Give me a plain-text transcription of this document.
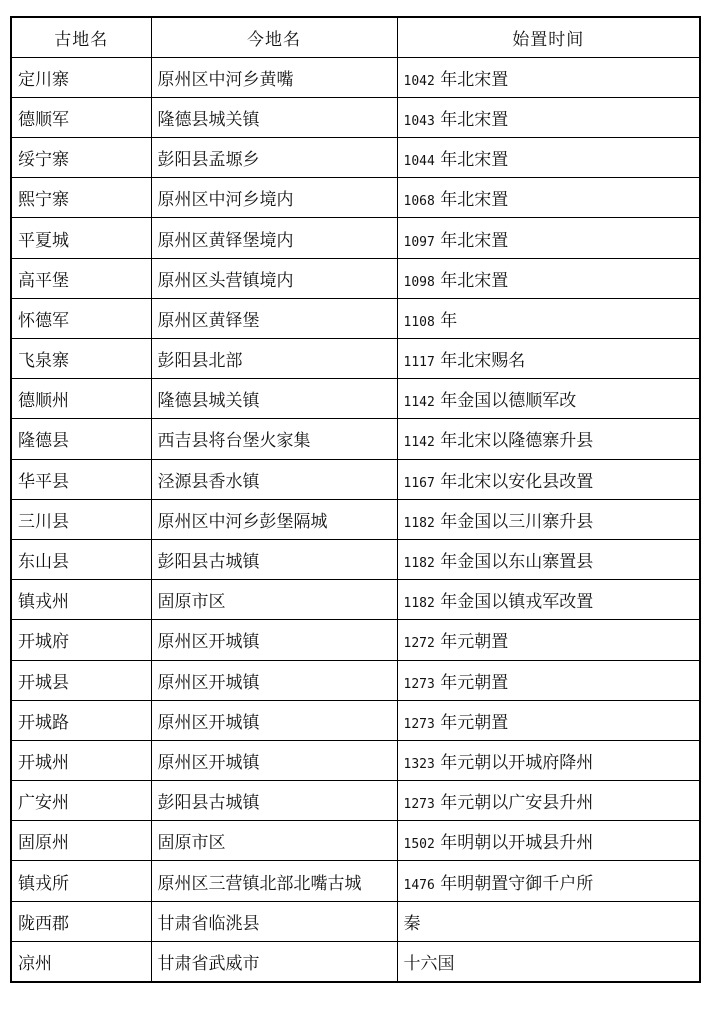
古地名	今地名	始置时间
定川寨	原州区中河乡黄嘴	1042 年北宋置
德顺军	隆德县城关镇	1043 年北宋置
绥宁寨	彭阳县孟塬乡	1044 年北宋置
熙宁寨	原州区中河乡境内	1068 年北宋置
平夏城	原州区黄铎堡境内	1097 年北宋置
高平堡	原州区头营镇境内	1098 年北宋置
怀德军	原州区黄铎堡	1108 年
飞泉寨	彭阳县北部	1117 年北宋赐名
德顺州	隆德县城关镇	1142 年金国以德顺军改
隆德县	西吉县将台堡火家集	1142 年北宋以隆德寨升县
华平县	泾源县香水镇	1167 年北宋以安化县改置
三川县	原州区中河乡彭堡隔城	1182 年金国以三川寨升县
东山县	彭阳县古城镇	1182 年金国以东山寨置县
镇戎州	固原市区	1182 年金国以镇戎军改置
开城府	原州区开城镇	1272 年元朝置
开城县	原州区开城镇	1273 年元朝置
开城路	原州区开城镇	1273 年元朝置
开城州	原州区开城镇	1323 年元朝以开城府降州
广安州	彭阳县古城镇	1273 年元朝以广安县升州
固原州	固原市区	1502 年明朝以开城县升州
镇戎所	原州区三营镇北部北嘴古城	1476 年明朝置守御千户所
陇西郡	甘肃省临洮县	秦
凉州	甘肃省武威市	十六国
